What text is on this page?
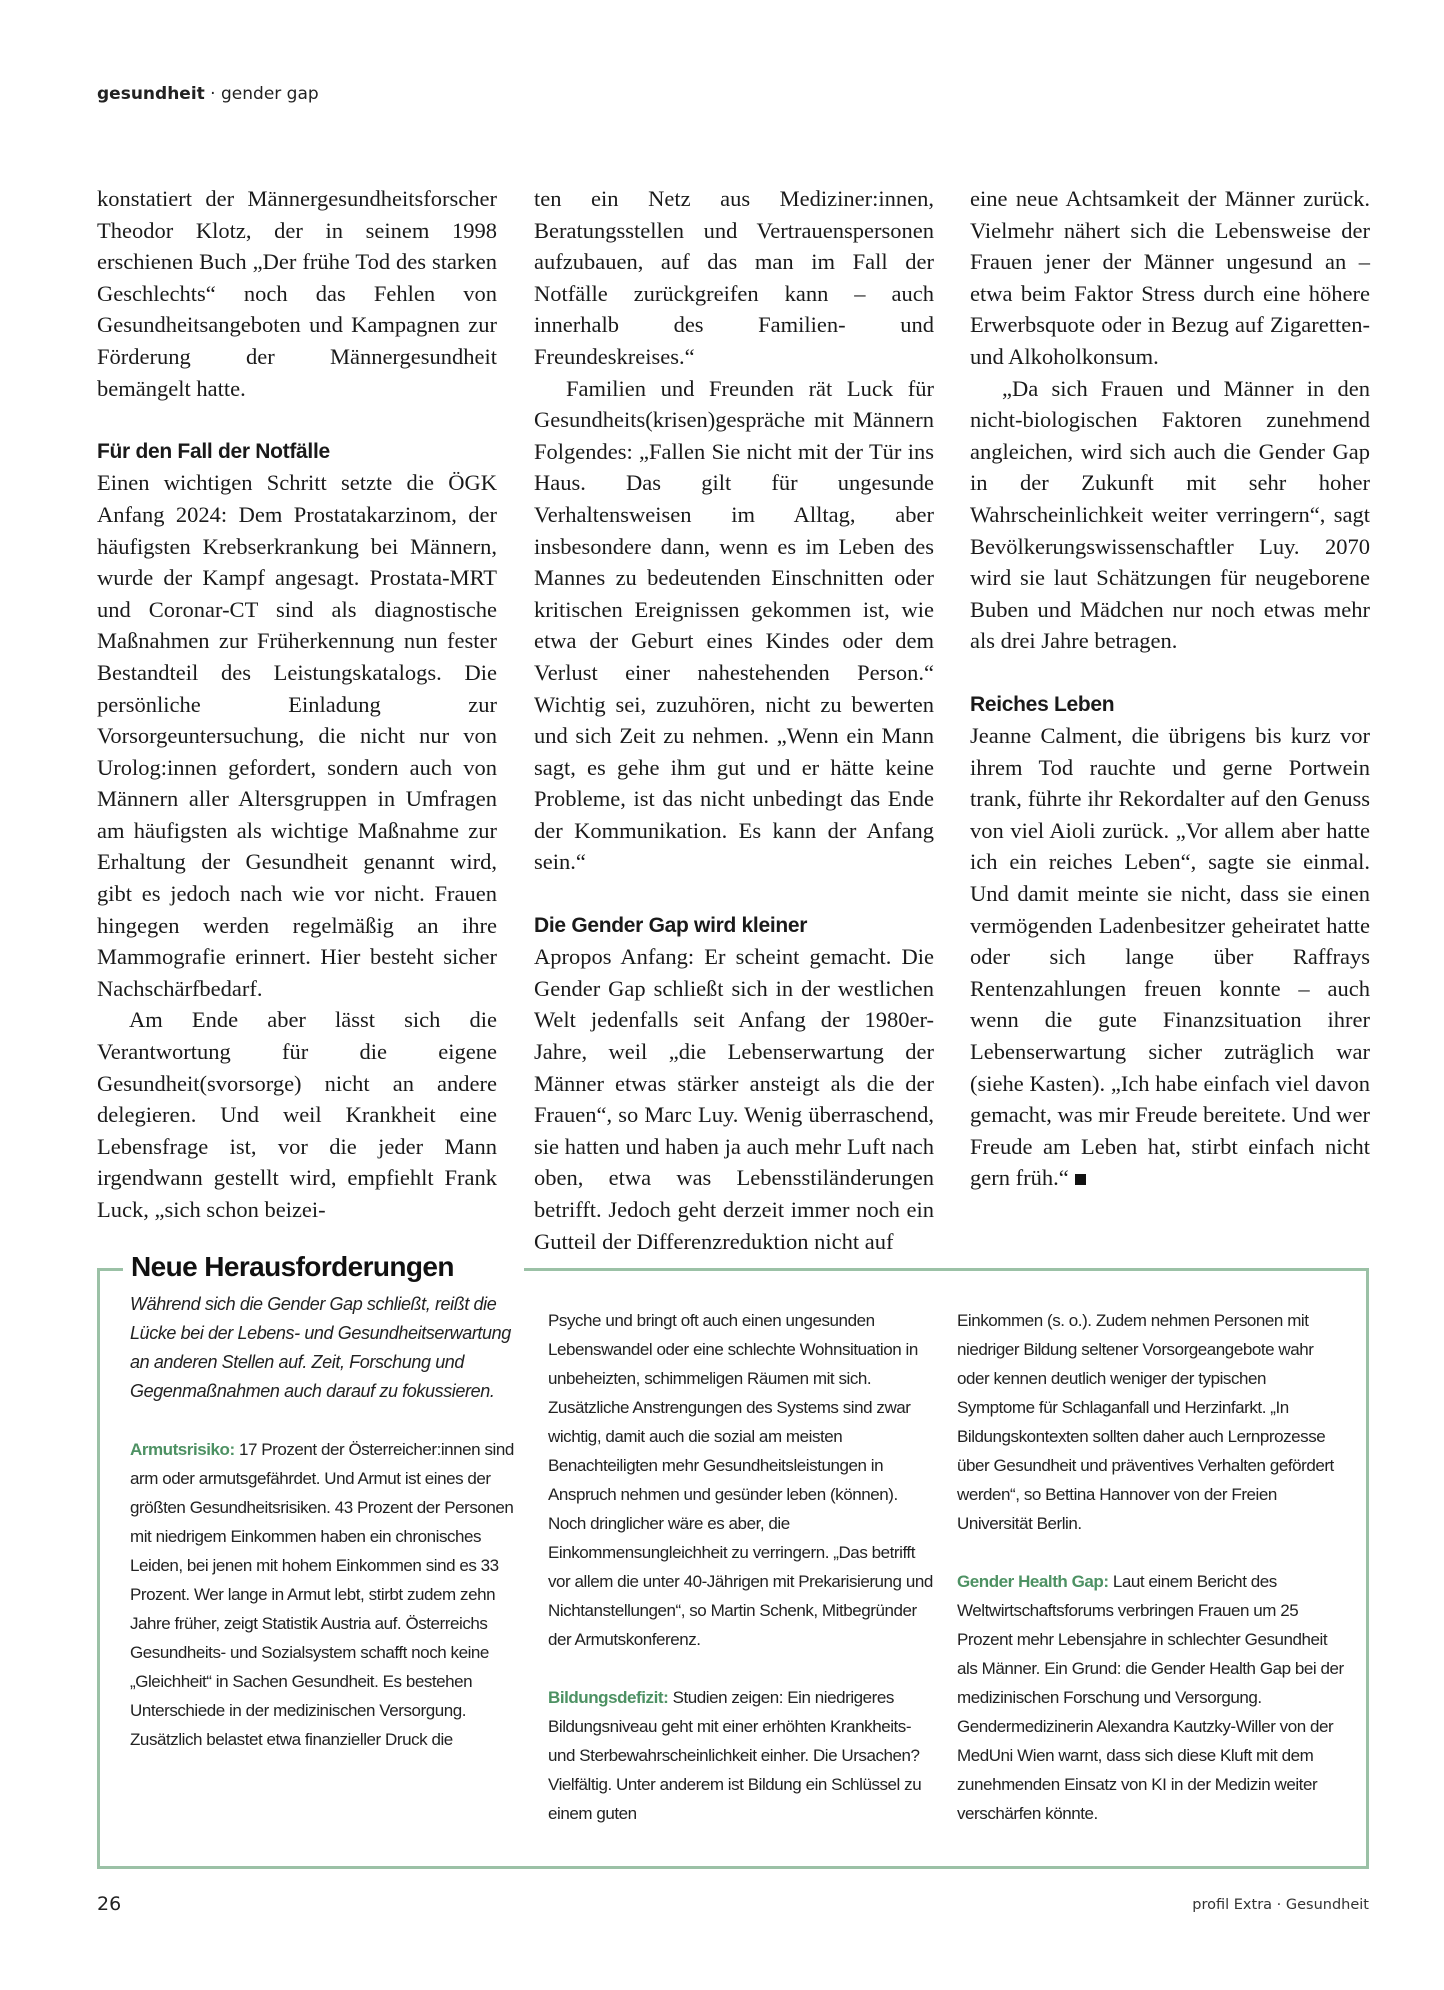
gesundheit · gender gap

konstatiert der Männergesundheitsforscher Theodor Klotz, der in seinem 1998 erschienen Buch „Der frühe Tod des starken Geschlechts“ noch das Fehlen von Gesundheitsangeboten und Kampagnen zur Förderung der Männergesundheit bemängelt hatte.

Für den Fall der Notfälle

Einen wichtigen Schritt setzte die ÖGK Anfang 2024: Dem Prostatakarzinom, der häufigsten Krebserkrankung bei Männern, wurde der Kampf angesagt. Prostata-MRT und Coronar-CT sind als diagnostische Maßnahmen zur Früherkennung nun fester Bestandteil des Leistungskatalogs. Die persönliche Einladung zur Vorsorgeuntersuchung, die nicht nur von Urolog:innen gefordert, sondern auch von Männern aller Altersgruppen in Umfragen am häufigsten als wichtige Maßnahme zur Erhaltung der Gesundheit genannt wird, gibt es jedoch nach wie vor nicht. Frauen hingegen werden regelmäßig an ihre Mammografie erinnert. Hier besteht sicher Nachschärfbedarf.

Am Ende aber lässt sich die Verantwortung für die eigene Gesundheit(svorsorge) nicht an andere delegieren. Und weil Krankheit eine Lebensfrage ist, vor die jeder Mann irgendwann gestellt wird, empfiehlt Frank Luck, „sich schon beizei-

ten ein Netz aus Mediziner:innen, Beratungsstellen und Vertrauenspersonen aufzubauen, auf das man im Fall der Notfälle zurückgreifen kann – auch innerhalb des Familien- und Freundeskreises.“

Familien und Freunden rät Luck für Gesundheits(krisen)gespräche mit Männern Folgendes: „Fallen Sie nicht mit der Tür ins Haus. Das gilt für ungesunde Verhaltensweisen im Alltag, aber insbesondere dann, wenn es im Leben des Mannes zu bedeutenden Einschnitten oder kritischen Ereignissen gekommen ist, wie etwa der Geburt eines Kindes oder dem Verlust einer nahestehenden Person.“ Wichtig sei, zuzuhören, nicht zu bewerten und sich Zeit zu nehmen. „Wenn ein Mann sagt, es gehe ihm gut und er hätte keine Probleme, ist das nicht unbedingt das Ende der Kommunikation. Es kann der Anfang sein.“

Die Gender Gap wird kleiner

Apropos Anfang: Er scheint gemacht. Die Gender Gap schließt sich in der westlichen Welt jedenfalls seit Anfang der 1980er-Jahre, weil „die Lebenserwartung der Männer etwas stärker ansteigt als die der Frauen“, so Marc Luy. Wenig überraschend, sie hatten und haben ja auch mehr Luft nach oben, etwa was Lebensstiländerungen betrifft. Jedoch geht derzeit immer noch ein Gutteil der Differenzreduktion nicht auf

eine neue Achtsamkeit der Männer zurück. Vielmehr nähert sich die Lebensweise der Frauen jener der Männer ungesund an – etwa beim Faktor Stress durch eine höhere Erwerbsquote oder in Bezug auf Zigaretten- und Alkoholkonsum.

„Da sich Frauen und Männer in den nicht-biologischen Faktoren zunehmend angleichen, wird sich auch die Gender Gap in der Zukunft mit sehr hoher Wahrscheinlichkeit weiter verringern“, sagt Bevölkerungswissenschaftler Luy. 2070 wird sie laut Schätzungen für neugeborene Buben und Mädchen nur noch etwas mehr als drei Jahre betragen.

Reiches Leben

Jeanne Calment, die übrigens bis kurz vor ihrem Tod rauchte und gerne Portwein trank, führte ihr Rekordalter auf den Genuss von viel Aioli zurück. „Vor allem aber hatte ich ein reiches Leben“, sagte sie einmal. Und damit meinte sie nicht, dass sie einen vermögenden Ladenbesitzer geheiratet hatte oder sich lange über Raffrays Rentenzahlungen freuen konnte – auch wenn die gute Finanzsituation ihrer Lebenserwartung sicher zuträglich war (siehe Kasten). „Ich habe einfach viel davon gemacht, was mir Freude bereitete. Und wer Freude am Leben hat, stirbt einfach nicht gern früh.“

Neue Herausforderungen

Während sich die Gender Gap schließt, reißt die Lücke bei der Lebens- und Gesundheitserwartung an anderen Stellen auf. Zeit, Forschung und Gegenmaßnahmen auch darauf zu fokussieren.

Armutsrisiko: 17 Prozent der Österreicher:innen sind arm oder armutsgefährdet. Und Armut ist eines der größten Gesundheitsrisiken. 43 Prozent der Personen mit niedrigem Einkommen haben ein chronisches Leiden, bei jenen mit hohem Einkommen sind es 33 Prozent. Wer lange in Armut lebt, stirbt zudem zehn Jahre früher, zeigt Statistik Austria auf. Österreichs Gesundheits- und Sozialsystem schafft noch keine „Gleichheit“ in Sachen Gesundheit. Es bestehen Unterschiede in der medizinischen Versorgung. Zusätzlich belastet etwa finanzieller Druck die

Psyche und bringt oft auch einen ungesunden Lebenswandel oder eine schlechte Wohnsituation in unbeheizten, schimmeligen Räumen mit sich. Zusätzliche Anstrengungen des Systems sind zwar wichtig, damit auch die sozial am meisten Benachteiligten mehr Gesundheitsleistungen in Anspruch nehmen und gesünder leben (können). Noch dringlicher wäre es aber, die Einkommensungleichheit zu verringern. „Das betrifft vor allem die unter 40-Jährigen mit Prekarisierung und Nichtanstellungen“, so Martin Schenk, Mitbegründer der Armutskonferenz.

Bildungsdefizit: Studien zeigen: Ein niedrigeres Bildungsniveau geht mit einer erhöhten Krankheits- und Sterbewahrscheinlichkeit einher. Die Ursachen? Vielfältig. Unter anderem ist Bildung ein Schlüssel zu einem guten

Einkommen (s. o.). Zudem nehmen Personen mit niedriger Bildung seltener Vorsorgeangebote wahr oder kennen deutlich weniger der typischen Symptome für Schlaganfall und Herzinfarkt. „In Bildungskontexten sollten daher auch Lernprozesse über Gesundheit und präventives Verhalten gefördert werden“, so Bettina Hannover von der Freien Universität Berlin.

Gender Health Gap: Laut einem Bericht des Weltwirtschaftsforums verbringen Frauen um 25 Prozent mehr Lebensjahre in schlechter Gesundheit als Männer. Ein Grund: die Gender Health Gap bei der medizinischen Forschung und Versorgung. Gendermedizinerin Alexandra Kautzky-Willer von der MedUni Wien warnt, dass sich diese Kluft mit dem zunehmenden Einsatz von KI in der Medizin weiter verschärfen könnte.

26	profil Extra · Gesundheit
